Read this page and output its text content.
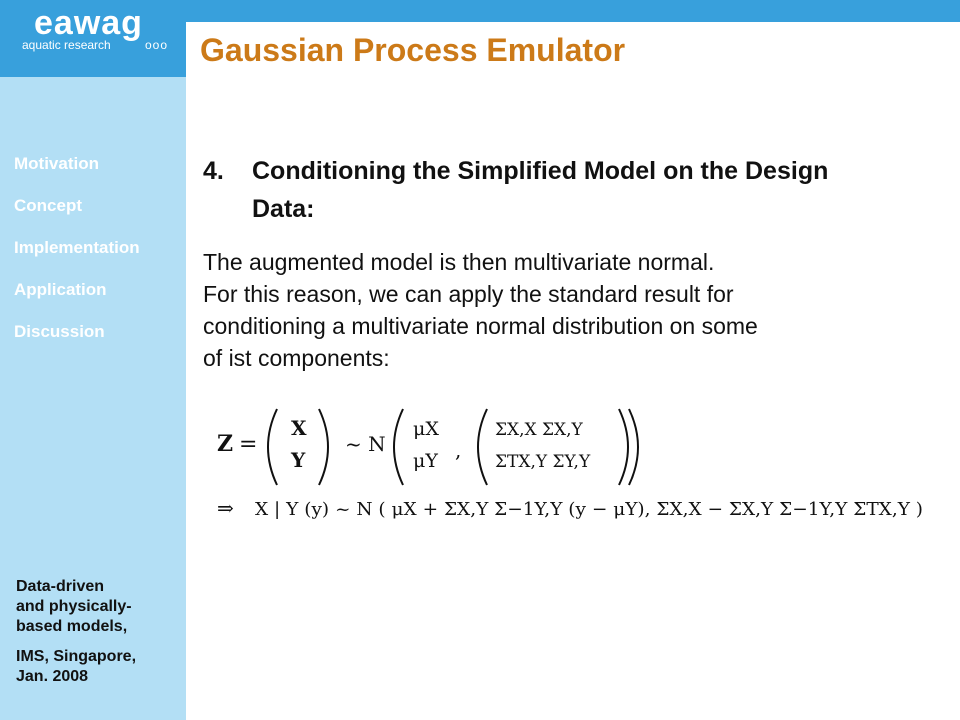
eawag
aquatic research	ooo
Motivation
Concept
Implementation
Application
Discussion
Data-driven
and physically-
based models,
IMS, Singapore,
Jan. 2008
Gaussian Process Emulator
4. Conditioning the Simplified Model on the Design Data:
The augmented model is then multivariate normal.
For this reason, we can apply the standard result for
conditioning a multivariate normal distribution on some
of ist components:
Z =
X
Y
~ N
μX
μY ,
ΣX,X ΣX,Y
ΣTX,Y ΣY,Y
⇒ X | Y (y) ~ N ( μX + ΣX,Y Σ−1Y,Y (y − μY), ΣX,X − ΣX,Y Σ−1Y,Y ΣTX,Y )
